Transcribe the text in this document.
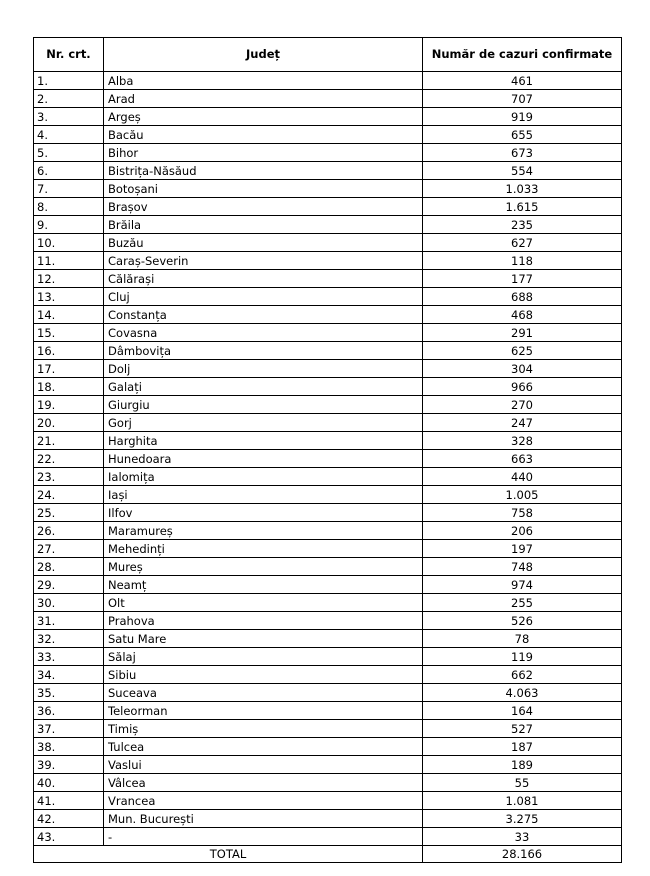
Nr. crt.	Județ	Număr de cazuri confirmate
1.	Alba	461
2.	Arad	707
3.	Argeș	919
4.	Bacău	655
5.	Bihor	673
6.	Bistrița-Năsăud	554
7.	Botoșani	1.033
8.	Brașov	1.615
9.	Brăila	235
10.	Buzău	627
11.	Caraș-Severin	118
12.	Călărași	177
13.	Cluj	688
14.	Constanța	468
15.	Covasna	291
16.	Dâmbovița	625
17.	Dolj	304
18.	Galați	966
19.	Giurgiu	270
20.	Gorj	247
21.	Harghita	328
22.	Hunedoara	663
23.	Ialomița	440
24.	Iași	1.005
25.	Ilfov	758
26.	Maramureș	206
27.	Mehedinți	197
28.	Mureș	748
29.	Neamț	974
30.	Olt	255
31.	Prahova	526
32.	Satu Mare	78
33.	Sălaj	119
34.	Sibiu	662
35.	Suceava	4.063
36.	Teleorman	164
37.	Timiș	527
38.	Tulcea	187
39.	Vaslui	189
40.	Vâlcea	55
41.	Vrancea	1.081
42.	Mun. București	3.275
43.	-	33
TOTAL		28.166
